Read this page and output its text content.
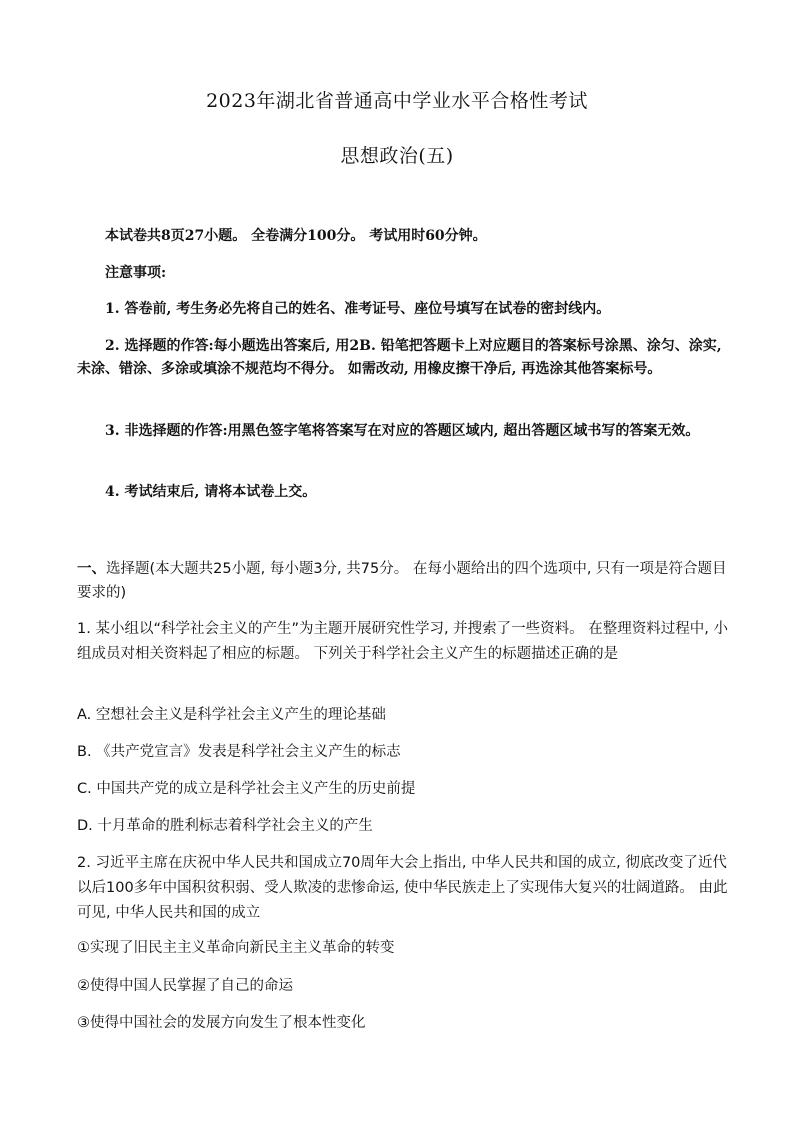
2023年湖北省普通高中学业水平合格性考试
思想政治(五)

本试卷共8页27小题。 全卷满分100分。 考试用时60分钟。

注意事项:

1. 答卷前, 考生务必先将自己的姓名、准考证号、座位号填写在试卷的密封线内。

2. 选择题的作答:每小题选出答案后, 用2B. 铅笔把答题卡上对应题目的答案标号涂黑、涂匀、涂实, 未涂、错涂、多涂或填涂不规范均不得分。 如需改动, 用橡皮擦干净后, 再选涂其他答案标号。

3. 非选择题的作答:用黑色签字笔将答案写在对应的答题区域内, 超出答题区域书写的答案无效。

4. 考试结束后, 请将本试卷上交。

一、选择题(本大题共25小题, 每小题3分, 共75分。 在每小题给出的四个选项中, 只有一项是符合题目要求的)
1. 某小组以“科学社会主义的产生”为主题开展研究性学习, 并搜索了一些资料。 在整理资料过程中, 小组成员对相关资料起了相应的标题。 下列关于科学社会主义产生的标题描述正确的是
A. 空想社会主义是科学社会主义产生的理论基础
B. 《共产党宣言》发表是科学社会主义产生的标志
C. 中国共产党的成立是科学社会主义产生的历史前提
D. 十月革命的胜利标志着科学社会主义的产生
2. 习近平主席在庆祝中华人民共和国成立70周年大会上指出, 中华人民共和国的成立, 彻底改变了近代以后100多年中国积贫积弱、受人欺凌的悲惨命运, 使中华民族走上了实现伟大复兴的壮阔道路。 由此可见, 中华人民共和国的成立
①实现了旧民主主义革命向新民主主义革命的转变
②使得中国人民掌握了自己的命运
③使得中国社会的发展方向发生了根本性变化
